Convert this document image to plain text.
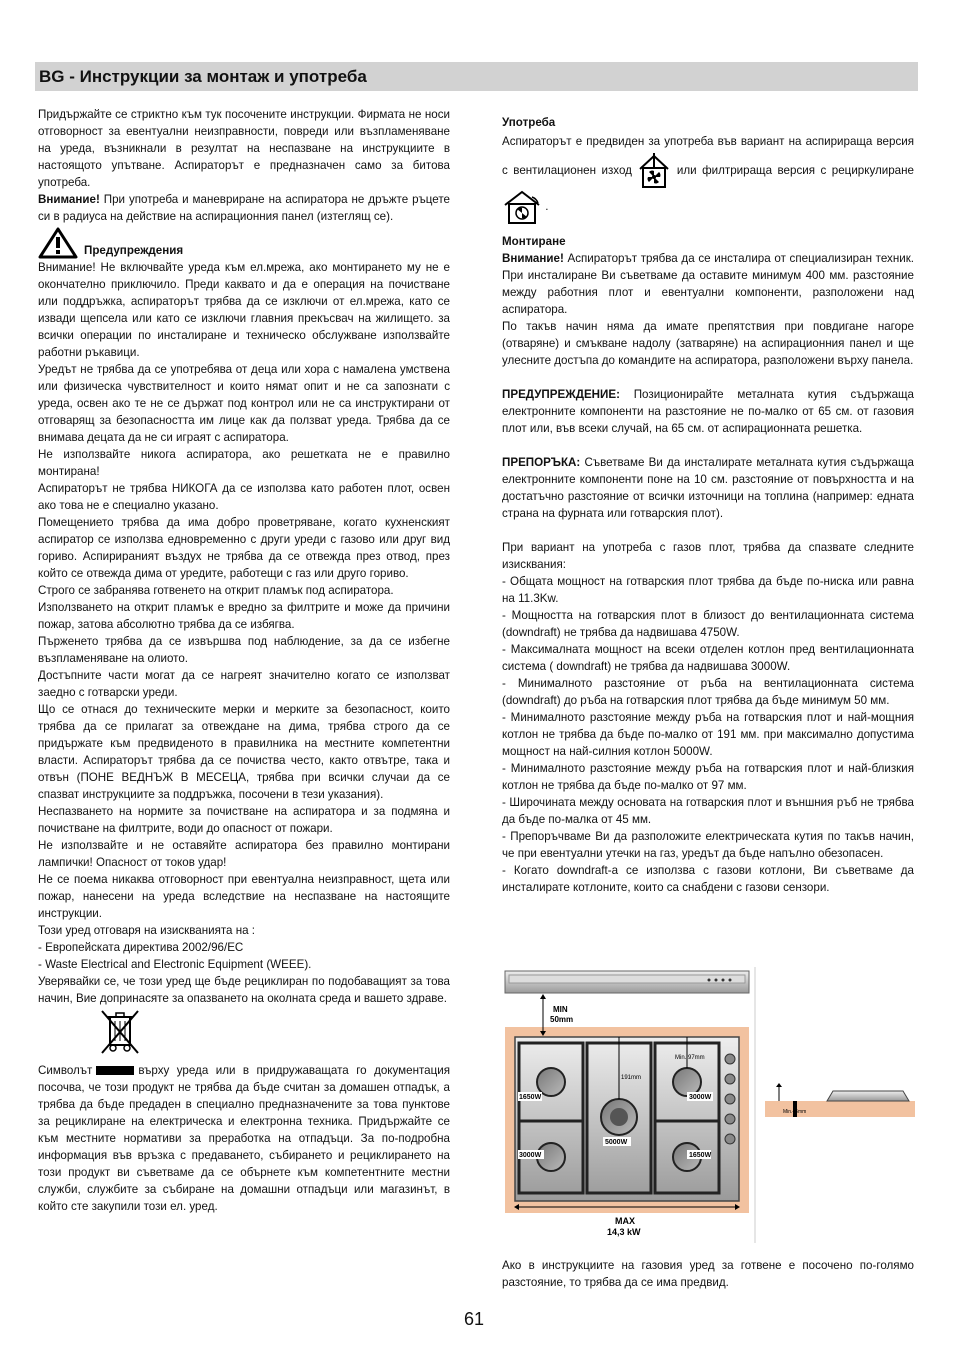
BG - Инструкции за монтаж и употреба

Придържайте се стриктно към тук посочените инструкции. Фирмата не носи отговорност за евентуални неизправности, повреди или възпламеняване на уреда, възникнали в резултат на неспазване на инструкциите в настоящото упътване. Аспираторът е предназначен само за битова употреба.

Внимание! При употреба и маневриране на аспиратора не дръжте ръцете си в радиуса на действие на аспирационния панел (изтеглящ се).

Предупреждения

Внимание! Не включвайте уреда към ел.мрежа, ако монтирането му не е окончателно приключило. Преди каквато и да е операция на почистване или поддръжка, аспираторът трябва да се изключи от ел.мрежа, като се извади щепсела или като се изключи главния прекъсвач на жилището. за всички операции по инсталиране и техническо обслужване използвайте работни ръкавици.

Уредът не трябва да се употребява от деца или хора с намалена умствена или физическа чувствителност и които нямат опит и не са запознати с уреда, освен ако те не се държат под контрол или не са инструктирани от отговарящ за безопасността им лице как да ползват уреда. Трябва да се внимава децата да не си играят с аспиратора.

Не използвайте никога аспиратора, ако решетката не е правилно монтирана!

Аспираторът не трябва НИКОГА да се използва като работен плот, освен ако това не е специално указано.

Помещението трябва да има добро проветряване, когато кухненският аспиратор се използва едновременно с други уреди с газово или друг вид гориво. Аспирираният въздух не трябва да се отвежда през отвод, през който се отвежда дима от уредите, работещи с газ или друго гориво.

Строго се забранява готвенето на открит пламък под аспиратора.

Използването на открит пламък е вредно за филтрите и може да причини пожар, затова абсолютно трябва да се избягва.

Пърженето трябва да се извършва под наблюдение, за да се избегне възпламеняване на олиото.

Достъпните части могат да се нагреят значително когато се използват заедно с готварски уреди.

Що се отнася до техническите мерки и мерките за безопасност, които трябва да се прилагат за отвеждане на дима, трябва строго да се придържате към предвиденото в правилника на местните компетентни власти. Аспираторът трябва да се почиства често, както отвътре, така и отвън (ПОНЕ ВЕДНЪЖ В МЕСЕЦА, трябва при всички случаи да се спазват инструкциите за поддръжка, посочени в тези указания).

Неспазването на нормите за почистване на аспиратора и за подмяна и почистване на филтрите, води до опасност от пожари.

Не използвайте и не оставяйте аспиратора без правилно монтирани лампички! Опасност от токов удар!

Не се поема никаква отговорност при евентуална неизправност, щета или пожар, нанесени на уреда вследствие на неспазване на настоящите инструкции.

Този уред отговаря на изискванията на :

- Европейската директива 2002/96/ЕС

- Waste Electrical and Electronic Equipment (WEEE).

Уверявайки се, че този уред ще бъде рециклиран по подобаващият за това начин, Вие допринасяте за опазването на околната среда и вашето здраве.

Символът	върху уреда или в придружаващата го документация посочва, че този продукт не трябва да бъде считан за домашен отпадък, а трябва да бъде предаден в специално предназначените за това пунктове за рециклиране на електрическа и електронна техника. Придържайте се към местните нормативи за преработка на отпадъци. За по-подробна информация във връзка с предаването, събирането и рециклирането на този продукт ви съветваме да се обърнете към компетентните местни служби, службите за събиране на домашни отпадъци или магазинът, в който сте закупили този ел. уред.

Употреба

Аспираторът е предвиден за употреба във вариант на аспирираща версия с вентилационен изход	или филтрираща версия с рециркулиране  .

Монтиране

Внимание! Аспираторът трябва да се инсталира от специализиран техник. При инсталиране Ви съветваме да оставите минимум 400 мм. разстояние между работния плот и евентуални компоненти, разположени над аспиратора.

По такъв начин няма да имате препятствия при повдигане нагоре (отваряне) и смъкване надолу (затваряне) на аспирационния панел и ще улесните достъпа до командите на аспиратора, разположени върху панела.

ПРЕДУПРЕЖДЕНИЕ: Позиционирайте металната кутия съдържаща електронните компоненти на разстояние не по-малко от 65 см. от газовия плот или, във всеки случай, на 65 см. от аспирационната решетка.

ПРЕПОРЪКА: Съветваме Ви да инсталирате металната кутия съдържаща електронните компоненти поне на 10 см. разстояние от повърхността и на достатъчно разстояние от всички източници на топлина (например: едната страна на фурната или готварския плот).

При вариант на употреба с газов плот, трябва да спазвате следните изисквания:

- Общата мощност на готварския плот трябва да бъде по-ниска или равна на 11.3Kw.

- Мощността на готварския плот в близост до вентилационната система (downdraft) не трябва да надвишава 4750W.

- Максималната мощност на всеки отделен котлон пред вентилационната система ( downdraft) не трябва да надвишава 3000W.

- Минималното разстояние от ръба на вентилационната система (downdraft) до ръба на готварския плот трябва да бъде минимум 50 мм.

- Минималното разстояние между ръба на готварския плот и най-мощния котлон не трябва да бъде по-малко от 191 мм. при максимално допустима мощност на най-силния котлон 5000W.

- Минималното разстояние между ръба на готварския плот и най-близкия котлон не трябва да бъде по-малко от 97 мм.

- Широчината между основата на готварския плот и външния ръб не трябва да бъде по-малка от 45 мм.

- Препоръчваме Ви да разположите електрическата кутия по такъв начин, че при евентуални утечки на газ, уредът да бъде напълно обезопасен.

- Когато downdraft-a се използва с газови котлони, Ви съветваме да инсталирате котлоните, които са снабдени с газови сензори.

MIN
50mm
191mm
Min. 97mm
1650W	3000W
5000W
3000W	1650W
MAX
14,3 kW
Min.45mm

Ако в инструкциите на газовия уред за готвене е посочено по-голямо разстояние, то трябва да се има предвид.

61
